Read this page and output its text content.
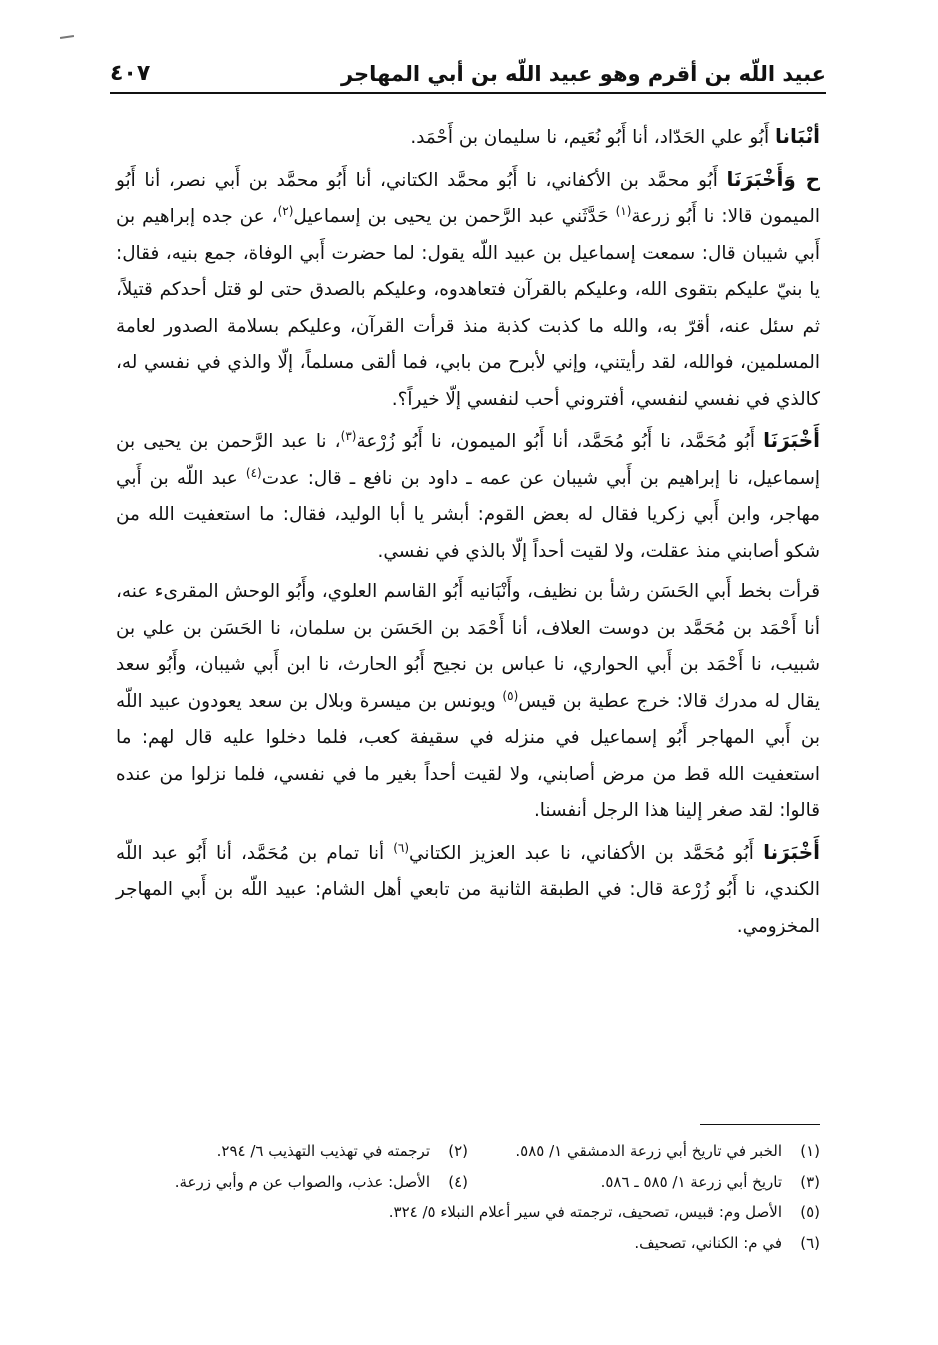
عبيد اللّه بن أقرم وهو عبيد اللّه بن أبي المهاجر
٤٠٧

أنْبَانا أَبُو علي الحَدّاد، أنا أَبُو نُعَيم، نا سليمان بن أَحْمَد.

ح وَأَخْبَرَنَا أَبُو محمَّد بن الأكفاني، نا أَبُو محمَّد الكتاني، أنا أَبُو محمَّد بن أَبي نصر، أنا أَبُو الميمون قالا: نا أَبُو زرعة$^{(١)}$ حَدَّثَني عبد الرَّحمن بن يحيى بن إسماعيل$^{(٢)}$، عن جده إبراهيم بن أَبي شيبان قال: سمعت إسماعيل بن عبيد اللّه يقول: لما حضرت أَبي الوفاة، جمع بنيه، فقال: يا بنيّ عليكم بتقوى الله، وعليكم بالقرآن فتعاهدوه، وعليكم بالصدق حتى لو قتل أحدكم قتيلاً، ثم سئل عنه، أقرّ به، والله ما كذبت كذبة منذ قرأت القرآن، وعليكم بسلامة الصدور لعامة المسلمين، فوالله، لقد رأيتني، وإني لأبرح من بابي، فما ألقى مسلماً، إلّا والذي في نفسي له، كالذي في نفسي لنفسي، أفتروني أحب لنفسي إلّا خيراً؟.

أَخْبَرَنَا أَبُو مُحَمَّد، نا أَبُو مُحَمَّد، أنا أَبُو الميمون، نا أَبُو زُرْعة$^{(٣)}$، نا عبد الرَّحمن بن يحيى بن إسماعيل، نا إبراهيم بن أَبي شيبان عن عمه ـ داود بن نافع ـ قال: عدت$^{(٤)}$ عبد اللّه بن أَبي مهاجر، وابن أَبي زكريا فقال له بعض القوم: أبشر يا أبا الوليد، فقال: ما استعفيت الله من شكو أصابني منذ عقلت، ولا لقيت أحداً إلّا بالذي في نفسي.

قرأت بخط أَبي الحَسَن رشأ بن نظيف، وأَنْبَانيه أَبُو القاسم العلوي، وأَبُو الوحش المقرىء عنه، أنا أَحْمَد بن مُحَمَّد بن دوست العلاف، أنا أَحْمَد بن الحَسَن بن سلمان، نا الحَسَن بن علي بن شبيب، نا أَحْمَد بن أَبي الحواري، نا عباس بن نجيح أَبُو الحارث، نا ابن أَبي شيبان، وأَبُو سعد يقال له مدرك قالا: خرج عطية بن قيس$^{(٥)}$ ويونس بن ميسرة وبلال بن سعد يعودون عبيد اللّه بن أَبي المهاجر أَبُو إسماعيل في منزله في سقيفة كعب، فلما دخلوا عليه قال لهم: ما استعفيت الله قط من مرض أصابني، ولا لقيت أحداً بغير ما في نفسي، فلما نزلوا من عنده قالوا: لقد صغر إلينا هذا الرجل أنفسنا.

أَخْبَرَنا أَبُو مُحَمَّد بن الأكفاني، نا عبد العزيز الكتاني$^{(٦)}$ أنا تمام بن مُحَمَّد، أنا أَبُو عبد اللّه الكندي، نا أَبُو زُرْعة قال: في الطبقة الثانية من تابعي أهل الشام: عبيد اللّه بن أَبي المهاجر المخزومي.

(١)
الخبر في تاريخ أبي زرعة الدمشقي ١/ ٥٨٥.
(٢)
ترجمته في تهذيب التهذيب ٦/ ٢٩٤.
(٣)
تاريخ أبي زرعة ١/ ٥٨٥ ـ ٥٨٦.
(٤)
الأصل: عذب، والصواب عن م وأبي زرعة.
(٥)
الأصل وم: قبيس، تصحيف، ترجمته في سير أعلام النبلاء ٥/ ٣٢٤.
(٦)
في م: الكناني، تصحيف.
